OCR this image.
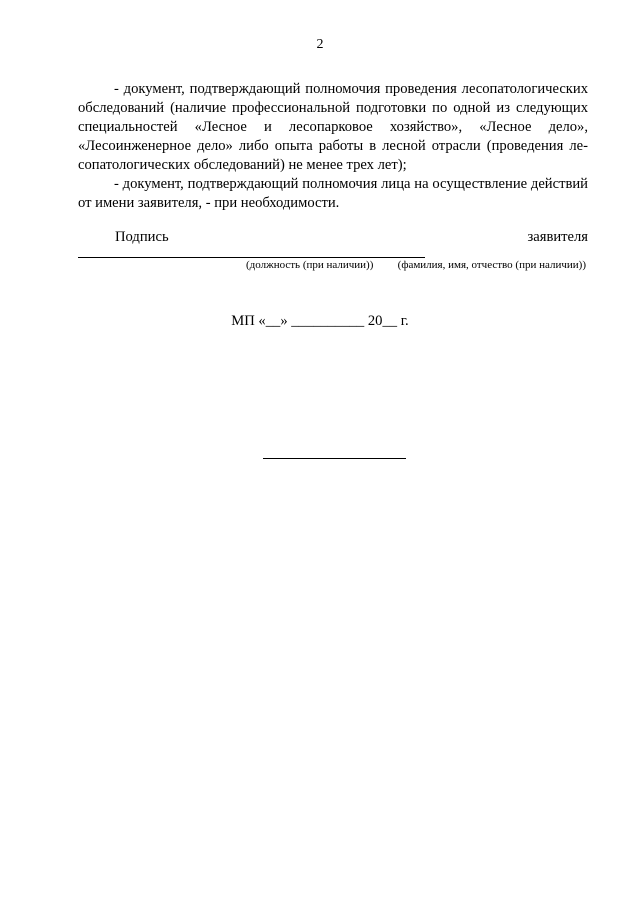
2

- документ, подтверждающий полномочия проведения лесопатологических обследований (наличие профессиональной подготовки по одной из следующих специальностей «Лесное и лесопарковое хозяйство», «Лесное дело», «Лесоинженерное дело» либо опыта работы в лесной отрасли (проведения лесопатологических обследований) не менее трех лет);

- документ, подтверждающий полномочия лица на осуществление действий от имени заявителя, - при необходимости.

Подпись	заявителя
(должность (при наличии)) (фамилия, имя, отчество (при наличии))
МП «__» __________ 20__ г.
